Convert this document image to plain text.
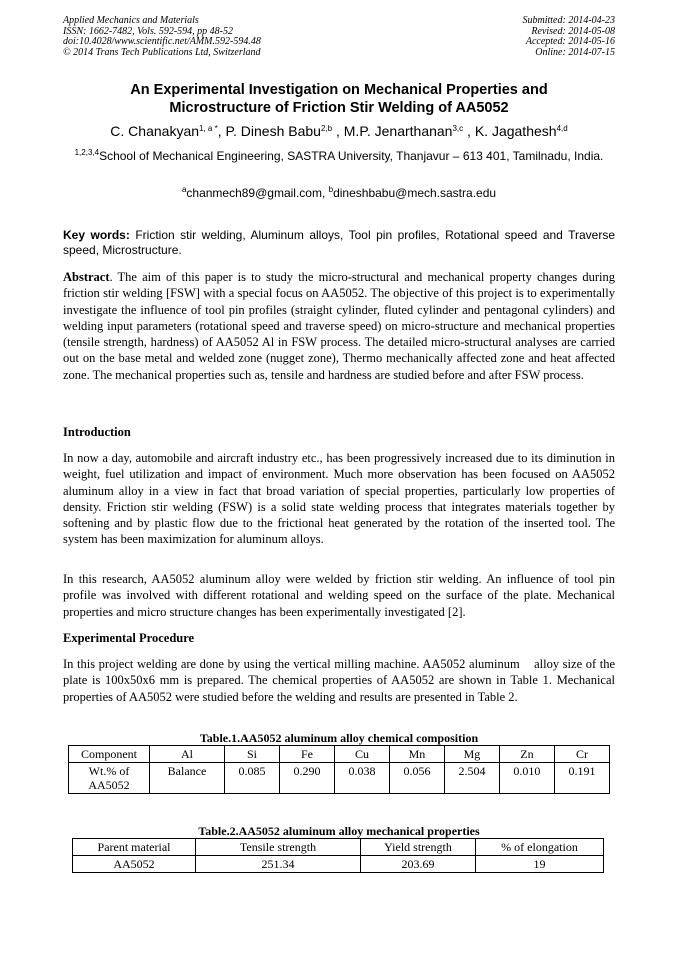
Applied Mechanics and Materials
ISSN: 1662-7482, Vols. 592-594, pp 48-52
doi:10.4028/www.scientific.net/AMM.592-594.48
© 2014 Trans Tech Publications Ltd, Switzerland
Submitted: 2014-04-23
Revised: 2014-05-08
Accepted: 2014-05-16
Online: 2014-07-15
An Experimental Investigation on Mechanical Properties and
Microstructure of Friction Stir Welding of AA5052
C. Chanakyan$^{1, a *}$, P. Dinesh Babu$^{2,b}$ , M.P. Jenarthanan$^{3,c}$ , K. Jagathesh$^{4,d}$
$^{1,2,3,4}$School of Mechanical Engineering, SASTRA University, Thanjavur – 613 401, Tamilnadu, India.
$^a$chanmech89@gmail.com, $^b$dineshbabu@mech.sastra.edu
Key words: Friction stir welding, Aluminum alloys, Tool pin profiles, Rotational speed and Traverse speed, Microstructure.

Abstract. The aim of this paper is to study the micro-structural and mechanical property changes during friction stir welding [FSW] with a special focus on AA5052. The objective of this project is to experimentally investigate the influence of tool pin profiles (straight cylinder, fluted cylinder and pentagonal cylinders) and welding input parameters (rotational speed and traverse speed) on micro-structure and mechanical properties (tensile strength, hardness) of AA5052 Al in FSW process. The detailed micro-structural analyses are carried out on the base metal and welded zone (nugget zone), Thermo mechanically affected zone and heat affected zone. The mechanical properties such as, tensile and hardness are studied before and after FSW process.

Introduction

In now a day, automobile and aircraft industry etc., has been progressively increased due to its diminution in weight, fuel utilization and impact of environment. Much more observation has been focused on AA5052 aluminum alloy in a view in fact that broad variation of special properties, particularly low properties of density. Friction stir welding (FSW) is a solid state welding process that integrates materials together by softening and by plastic flow due to the frictional heat generated by the rotation of the inserted tool. The system has been maximization for aluminum alloys.

In this research, AA5052 aluminum alloy were welded by friction stir welding. An influence of tool pin profile was involved with different rotational and welding speed on the surface of the plate. Mechanical properties and micro structure changes has been experimentally investigated [2].

Experimental Procedure

In this project welding are done by using the vertical milling machine. AA5052 aluminum    alloy size of the plate is 100x50x6 mm is prepared. The chemical properties of AA5052 are shown in Table 1. Mechanical properties of AA5052 were studied before the welding and results are presented in Table 2.

Table.1.AA5052 aluminum alloy chemical composition
Component	Al	Si	Fe	Cu	Mn	Mg	Zn	Cr
Wt.% of AA5052	Balance	0.085	0.290	0.038	0.056	2.504	0.010	0.191
Table.2.AA5052 aluminum alloy mechanical properties
Parent material	Tensile strength	Yield strength	% of elongation
AA5052	251.34	203.69	19
